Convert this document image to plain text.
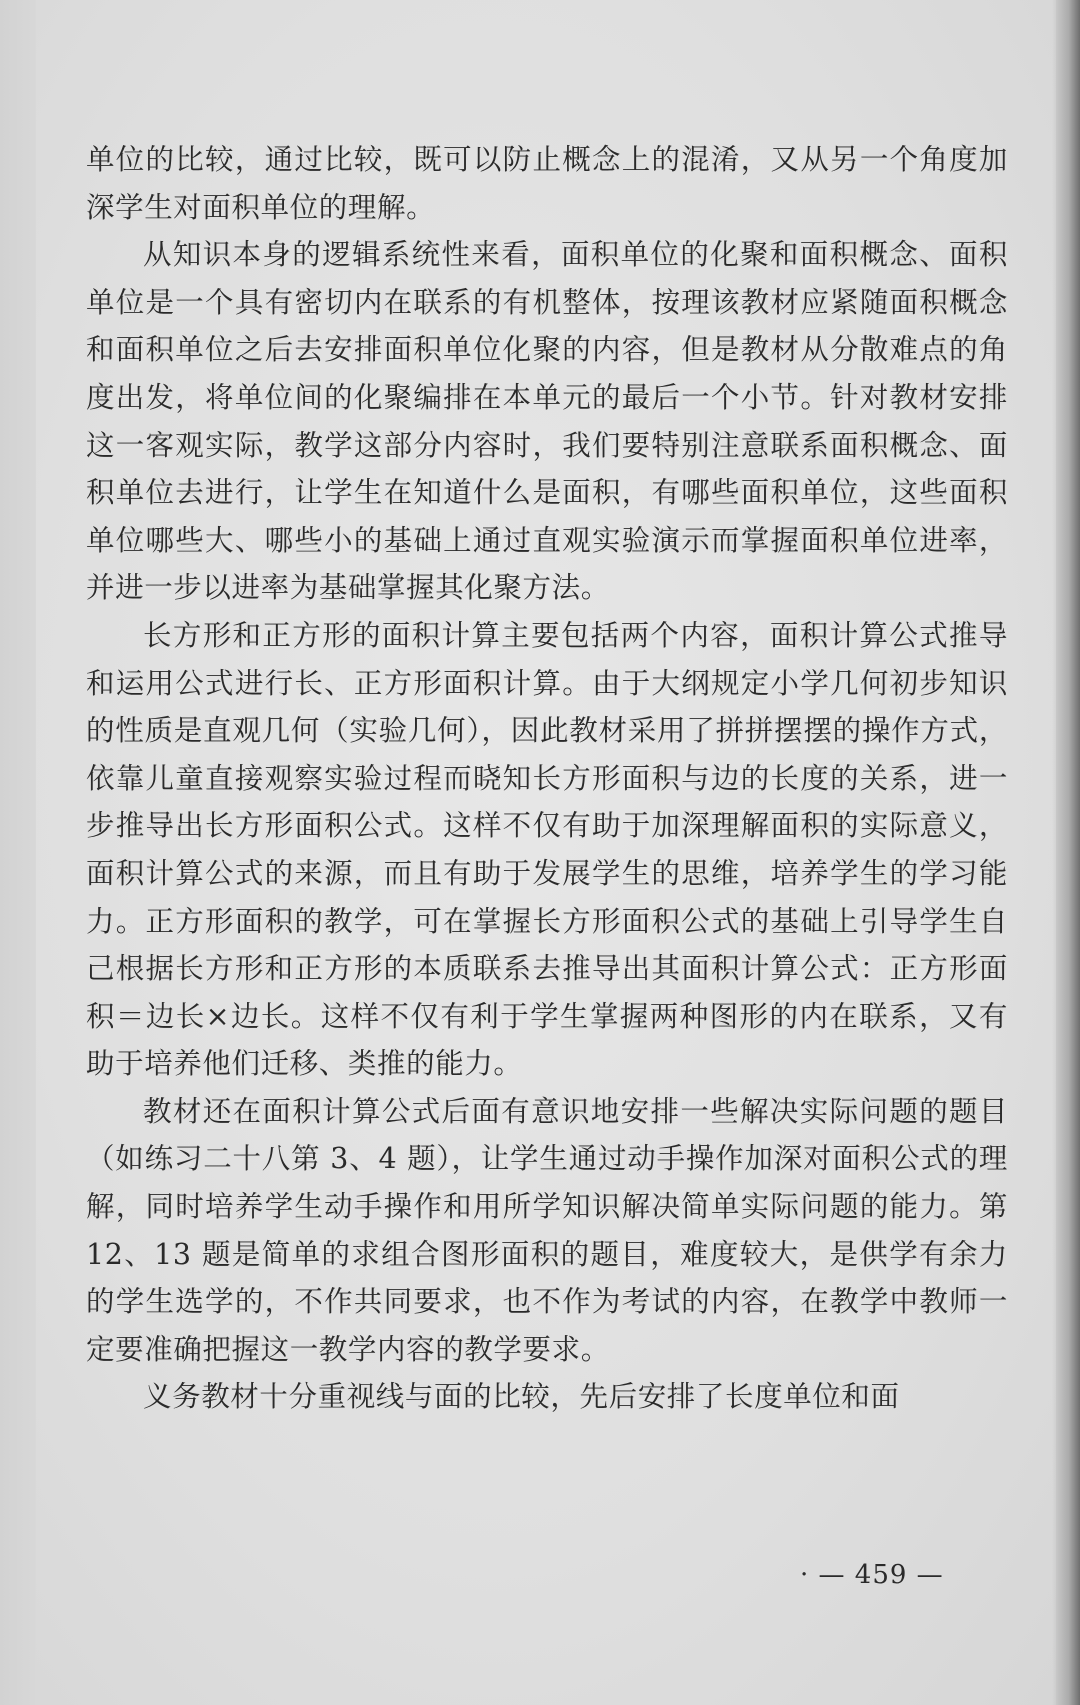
单位的比较，通过比较，既可以防止概念上的混淆，又从另一个角度加深学生对面积单位的理解。

从知识本身的逻辑系统性来看，面积单位的化聚和面积概念、面积单位是一个具有密切内在联系的有机整体，按理该教材应紧随面积概念和面积单位之后去安排面积单位化聚的内容，但是教材从分散难点的角度出发，将单位间的化聚编排在本单元的最后一个小节。针对教材安排这一客观实际，教学这部分内容时，我们要特别注意联系面积概念、面积单位去进行，让学生在知道什么是面积，有哪些面积单位，这些面积单位哪些大、哪些小的基础上通过直观实验演示而掌握面积单位进率，并进一步以进率为基础掌握其化聚方法。

长方形和正方形的面积计算主要包括两个内容，面积计算公式推导和运用公式进行长、正方形面积计算。由于大纲规定小学几何初步知识的性质是直观几何（实验几何），因此教材采用了拼拼摆摆的操作方式，依靠儿童直接观察实验过程而晓知长方形面积与边的长度的关系，进一步推导出长方形面积公式。这样不仅有助于加深理解面积的实际意义，面积计算公式的来源，而且有助于发展学生的思维，培养学生的学习能力。正方形面积的教学，可在掌握长方形面积公式的基础上引导学生自己根据长方形和正方形的本质联系去推导出其面积计算公式：正方形面积＝边长×边长。这样不仅有利于学生掌握两种图形的内在联系，又有助于培养他们迁移、类推的能力。

教材还在面积计算公式后面有意识地安排一些解决实际问题的题目（如练习二十八第 3、4 题），让学生通过动手操作加深对面积公式的理解，同时培养学生动手操作和用所学知识解决简单实际问题的能力。第 12、13 题是简单的求组合图形面积的题目，难度较大，是供学有余力的学生选学的，不作共同要求，也不作为考试的内容，在教学中教师一定要准确把握这一教学内容的教学要求。

义务教材十分重视线与面的比较，先后安排了长度单位和面

· — 459 —
